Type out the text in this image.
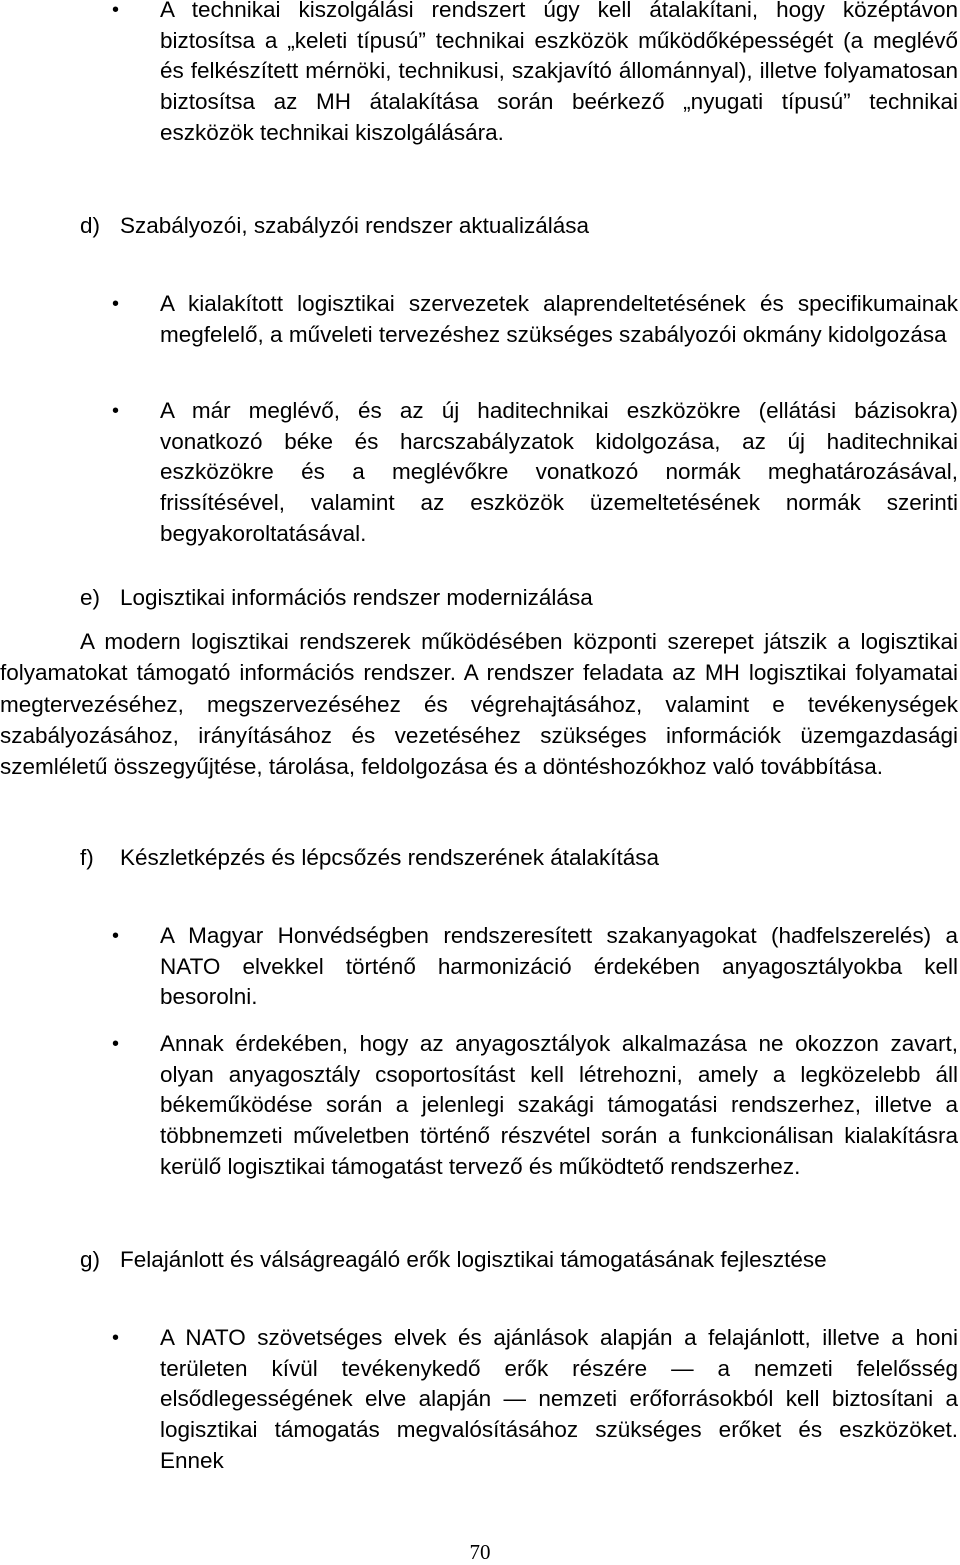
• A technikai kiszolgálási rendszert úgy kell átalakítani, hogy középtávon biztosítsa a „keleti típusú” technikai eszközök működőképességét (a meglévő és felkészített mérnöki, technikusi, szakjavító állománnyal), illetve folyamatosan biztosítsa az MH átalakítása során beérkező „nyugati típusú” technikai eszközök technikai kiszolgálására.
d) Szabályozói, szabályzói rendszer aktualizálása
• A kialakított logisztikai szervezetek alaprendeltetésének és specifikumainak megfelelő, a műveleti tervezéshez szükséges szabályozói okmány kidolgozása
• A már meglévő, és az új haditechnikai eszközökre (ellátási bázisokra) vonatkozó béke és harcszabályzatok kidolgozása, az új haditechnikai eszközökre és a meglévőkre vonatkozó normák meghatározásával, frissítésével, valamint az eszközök üzemeltetésének normák szerinti begyakoroltatásával.
e) Logisztikai információs rendszer modernizálása
A modern logisztikai rendszerek működésében központi szerepet játszik a logisztikai folyamatokat támogató információs rendszer. A rendszer feladata az MH logisztikai folyamatai megtervezéséhez, megszervezéséhez és végrehajtásához, valamint e tevékenységek szabályozásához, irányításához és vezetéséhez szükséges információk üzemgazdasági szemléletű összegyűjtése, tárolása, feldolgozása és a döntéshozókhoz való továbbítása.
f) Készletképzés és lépcsőzés rendszerének átalakítása
• A Magyar Honvédségben rendszeresített szakanyagokat (hadfelszerelés) a NATO elvekkel történő harmonizáció érdekében anyagosztályokba kell besorolni.
• Annak érdekében, hogy az anyagosztályok alkalmazása ne okozzon zavart, olyan anyagosztály csoportosítást kell létrehozni, amely a legközelebb áll békeműködése során a jelenlegi szakági támogatási rendszerhez, illetve a többnemzeti műveletben történő részvétel során a funkcionálisan kialakításra kerülő logisztikai támogatást tervező és működtető rendszerhez.
g) Felajánlott és válságreagáló erők logisztikai támogatásának fejlesztése
• A NATO szövetséges elvek és ajánlások alapján a felajánlott, illetve a honi területen kívül tevékenykedő erők részére — a nemzeti felelősség elsődlegességének elve alapján — nemzeti erőforrásokból kell biztosítani a logisztikai támogatás megvalósításához szükséges erőket és eszközöket. Ennek
70
